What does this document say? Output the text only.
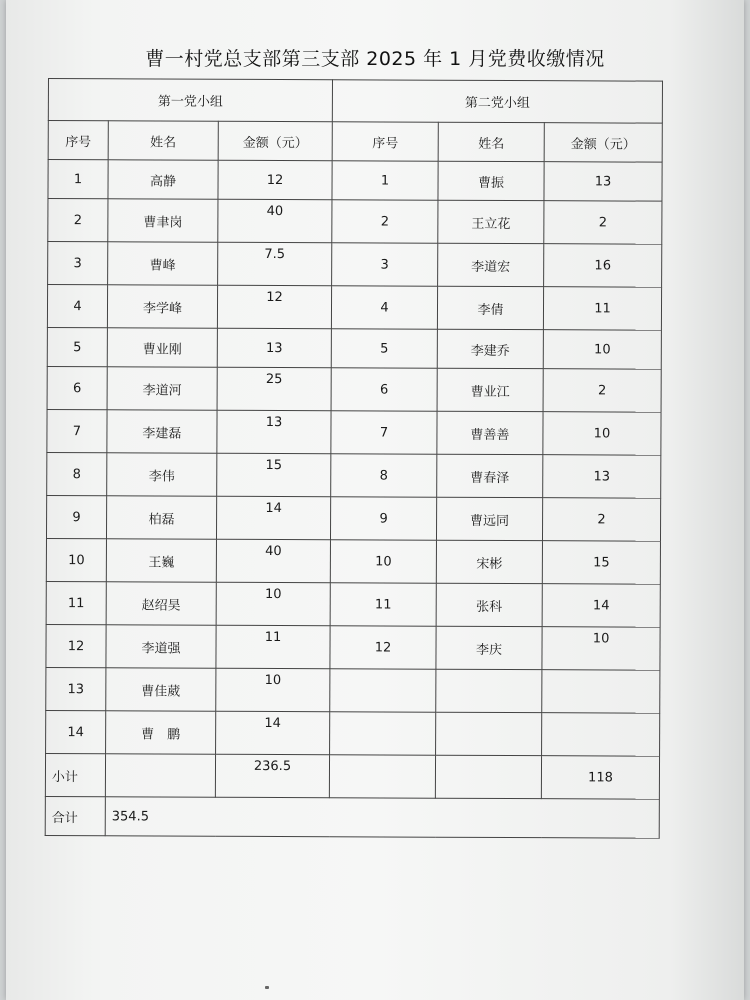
曹一村党总支部第三支部 2025 年 1 月党费收缴情况
第一党小组			第二党小组		
序号	姓名	金额（元）	序号	姓名	金额（元）
1	高静	12	1	曹振	13
2	曹聿岗	40	2	王立花	2
3	曹峰	7.5	3	李道宏	16
4	李学峰	12	4	李倩	11
5	曹业刚	13	5	李建乔	10
6	李道河	25	6	曹业江	2
7	李建磊	13	7	曹善善	10
8	李伟	15	8	曹春泽	13
9	柏磊	14	9	曹远同	2
10	王巍	40	10	宋彬	15
11	赵绍昊	10	11	张科	14
12	李道强	11	12	李庆	10
13	曹佳葳	10			
14	曹　鹏	14			
小计		236.5			118
合计	354.5				
